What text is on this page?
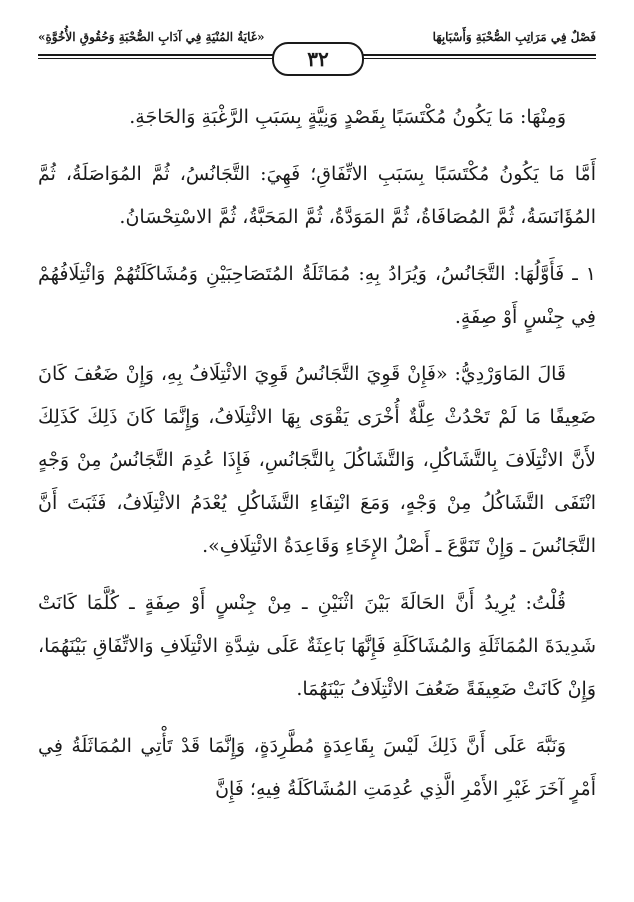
فَصْلٌ فِي مَرَاتِبِ الصُّحْبَةِ وَأَسْبَابِهَا
«غَايَةُ المُنْيَةِ فِي آدَابِ الصُّحْبَةِ وَحُقُوقِ الأُخُوَّةِ»
٣٢

وَمِنْهَا: مَا يَكُونُ مُكْتَسَبًا بِقَصْدٍ وَنِيَّةٍ بِسَبَبِ الرَّغْبَةِ وَالحَاجَةِ.

أَمَّا مَا يَكُونُ مُكْتَسَبًا بِسَبَبِ الاتِّفَاقِ؛ فَهِيَ: التَّجَانُسُ، ثُمَّ المُوَاصَلَةُ، ثُمَّ المُؤَانَسَةُ، ثُمَّ المُصَافَاةُ، ثُمَّ المَوَدَّةُ، ثُمَّ المَحَبَّةُ، ثُمَّ الاسْتِحْسَانُ.

١ ـ فَأَوَّلُهَا: التَّجَانُسُ، وَيُرَادُ بِهِ: مُمَاثَلَةُ المُتَصَاحِبَيْنِ وَمُشَاكَلَتُهُمْ وَائْتِلَافُهُمْ فِي جِنْسٍ أَوْ صِفَةٍ.

قَالَ المَاوَرْدِيُّ: «فَإِنْ قَوِيَ التَّجَانُسُ قَوِيَ الائْتِلَافُ بِهِ، وَإِنْ ضَعُفَ كَانَ ضَعِيفًا مَا لَمْ تَحْدُثْ عِلَّةٌ أُخْرَى يَقْوَى بِهَا الائْتِلَافُ، وَإِنَّمَا كَانَ ذَلِكَ كَذَلِكَ لأَنَّ الائْتِلَافَ بِالتَّشَاكُلِ، وَالتَّشَاكُلَ بِالتَّجَانُسِ، فَإِذَا عُدِمَ التَّجَانُسُ مِنْ وَجْهٍ انْتَفَى التَّشَاكُلُ مِنْ وَجْهٍ، وَمَعَ انْتِفَاءِ التَّشَاكُلِ يُعْدَمُ الائْتِلَافُ، فَثَبَتَ أَنَّ التَّجَانُسَ ـ وَإِنْ تَنَوَّعَ ـ أَصْلُ الإِخَاءِ وَقَاعِدَةُ الائْتِلَافِ».

قُلْتُ: يُرِيدُ أَنَّ الحَالَةَ بَيْنَ اثْنَيْنِ ـ مِنْ جِنْسٍ أَوْ صِفَةٍ ـ كُلَّمَا كَانَتْ شَدِيدَةَ المُمَاثَلَةِ وَالمُشَاكَلَةِ فَإِنَّهَا بَاعِثَةٌ عَلَى شِدَّةِ الائْتِلَافِ وَالاتِّفَاقِ بَيْنَهُمَا، وَإِنْ كَانَتْ ضَعِيفَةً ضَعُفَ الائْتِلَافُ بَيْنَهُمَا.

وَنَبَّهَ عَلَى أَنَّ ذَلِكَ لَيْسَ بِقَاعِدَةٍ مُطَّرِدَةٍ، وَإِنَّمَا قَدْ تَأْتِي المُمَاثَلَةُ فِي أَمْرٍ آخَرَ غَيْرِ الأَمْرِ الَّذِي عُدِمَتِ المُشَاكَلَةُ فِيهِ؛ فَإِنَّ
